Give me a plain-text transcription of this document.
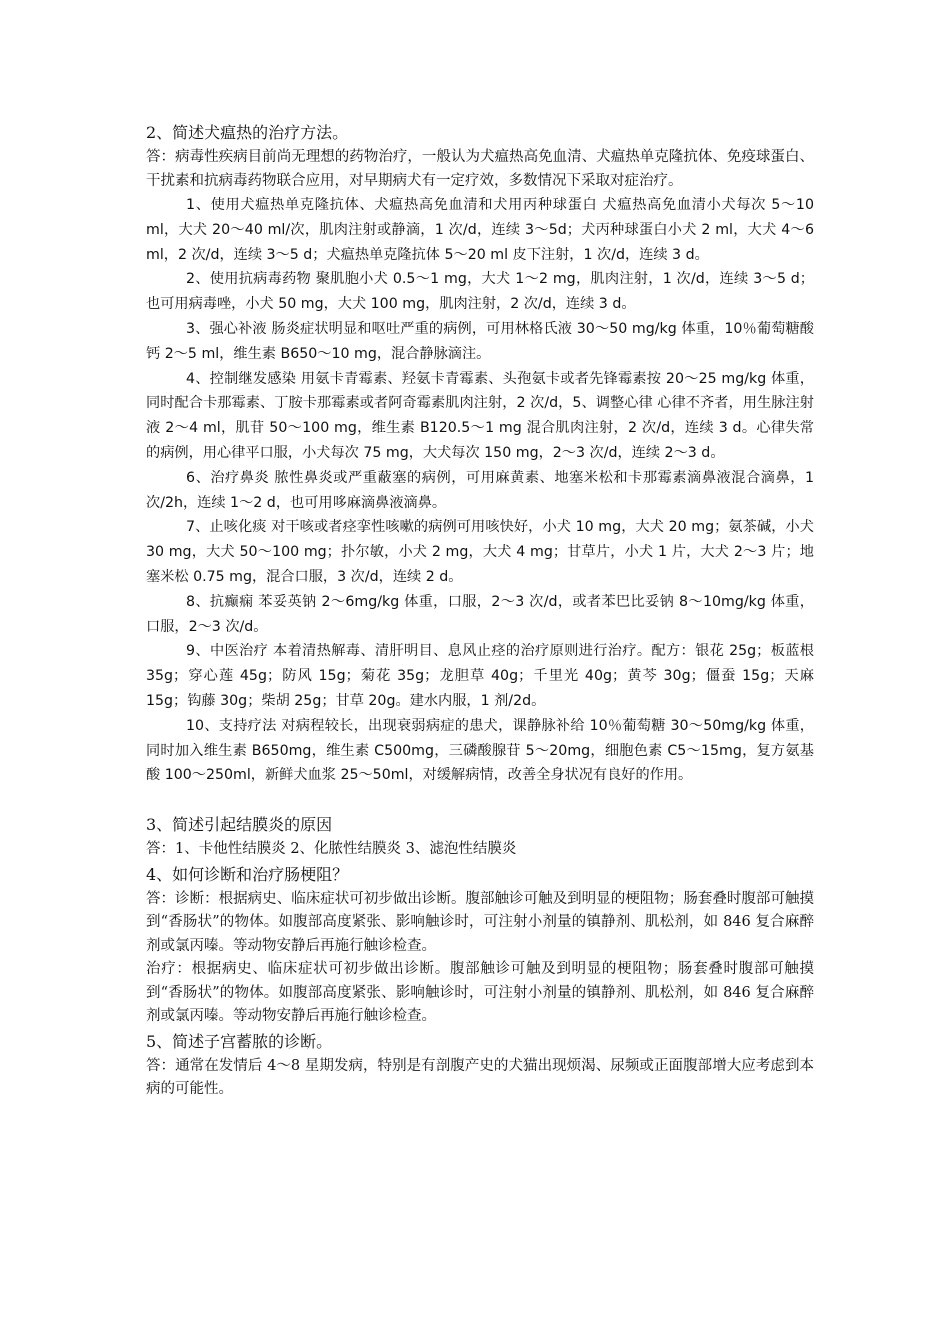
2、简述犬瘟热的治疗方法。

答：病毒性疾病目前尚无理想的药物治疗，一般认为犬瘟热高免血清、犬瘟热单克隆抗体、免疫球蛋白、干扰素和抗病毒药物联合应用，对早期病犬有一定疗效，多数情况下采取对症治疗。

1、使用犬瘟热单克隆抗体、犬瘟热高免血清和犬用丙种球蛋白 犬瘟热高免血清小犬每次 5～10 ml，大犬 20～40 ml/次，肌肉注射或静滴，1 次/d，连续 3～5d；犬丙种球蛋白小犬 2 ml，大犬 4～6 ml，2 次/d，连续 3～5 d；犬瘟热单克隆抗体 5～20 ml 皮下注射，1 次/d，连续 3 d。

2、使用抗病毒药物 聚肌胞小犬 0.5～1 mg，大犬 1～2 mg，肌肉注射，1 次/d，连续 3～5 d；也可用病毒唑，小犬 50 mg，大犬 100 mg，肌肉注射，2 次/d，连续 3 d。

3、强心补液 肠炎症状明显和呕吐严重的病例，可用林格氏液 30～50 mg/kg 体重，10％葡萄糖酸钙 2～5 ml，维生素 B650～10 mg，混合静脉滴注。

4、控制继发感染 用氨卡青霉素、羟氨卡青霉素、头孢氨卡或者先锋霉素按 20～25 mg/kg 体重，同时配合卡那霉素、丁胺卡那霉素或者阿奇霉素肌肉注射，2 次/d，5、调整心律 心律不齐者，用生脉注射液 2～4 ml，肌苷 50～100 mg，维生素 B120.5～1 mg 混合肌肉注射，2 次/d，连续 3 d。心律失常的病例，用心律平口服，小犬每次 75 mg，大犬每次 150 mg，2～3 次/d，连续 2～3 d。

6、治疗鼻炎 脓性鼻炎或严重蔽塞的病例，可用麻黄素、地塞米松和卡那霉素滴鼻液混合滴鼻，1 次/2h，连续 1～2 d，也可用哆麻滴鼻液滴鼻。

7、止咳化痰 对干咳或者痉挛性咳嗽的病例可用咳快好，小犬 10 mg，大犬 20 mg；氨茶碱，小犬 30 mg，大犬 50～100 mg；扑尔敏，小犬 2 mg，大犬 4 mg；甘草片，小犬 1 片，大犬 2～3 片；地塞米松 0.75 mg，混合口服，3 次/d，连续 2 d。

8、抗癫痫 苯妥英钠 2～6mg/kg 体重，口服，2～3 次/d，或者苯巴比妥钠 8～10mg/kg 体重，口服，2～3 次/d。

9、中医治疗 本着清热解毒、清肝明目、息风止痉的治疗原则进行治疗。配方：银花 25g；板蓝根 35g；穿心莲 45g；防风 15g；菊花 35g；龙胆草 40g；千里光 40g；黄芩 30g；僵蚕 15g；天麻 15g；钩藤 30g；柴胡 25g；甘草 20g。建水内服，1 剂/2d。

10、支持疗法 对病程较长，出现衰弱病症的患犬，课静脉补给 10％葡萄糖 30～50mg/kg 体重，同时加入维生素 B650mg，维生素 C500mg，三磷酸腺苷 5～20mg，细胞色素 C5～15mg，复方氨基酸 100～250ml，新鲜犬血浆 25～50ml，对缓解病情，改善全身状况有良好的作用。

3、简述引起结膜炎的原因

答：1、卡他性结膜炎 2、化脓性结膜炎 3、滤泡性结膜炎

4、如何诊断和治疗肠梗阻？

答：诊断：根据病史、临床症状可初步做出诊断。腹部触诊可触及到明显的梗阻物；肠套叠时腹部可触摸到“香肠状”的物体。如腹部高度紧张、影响触诊时，可注射小剂量的镇静剂、肌松剂，如 846 复合麻醉剂或氯丙嗪。等动物安静后再施行触诊检查。

治疗：根据病史、临床症状可初步做出诊断。腹部触诊可触及到明显的梗阻物；肠套叠时腹部可触摸到“香肠状”的物体。如腹部高度紧张、影响触诊时，可注射小剂量的镇静剂、肌松剂，如 846 复合麻醉剂或氯丙嗪。等动物安静后再施行触诊检查。

5、简述子宫蓄脓的诊断。

答：通常在发情后 4～8 星期发病，特别是有剖腹产史的犬猫出现烦渴、尿频或正面腹部增大应考虑到本病的可能性。
